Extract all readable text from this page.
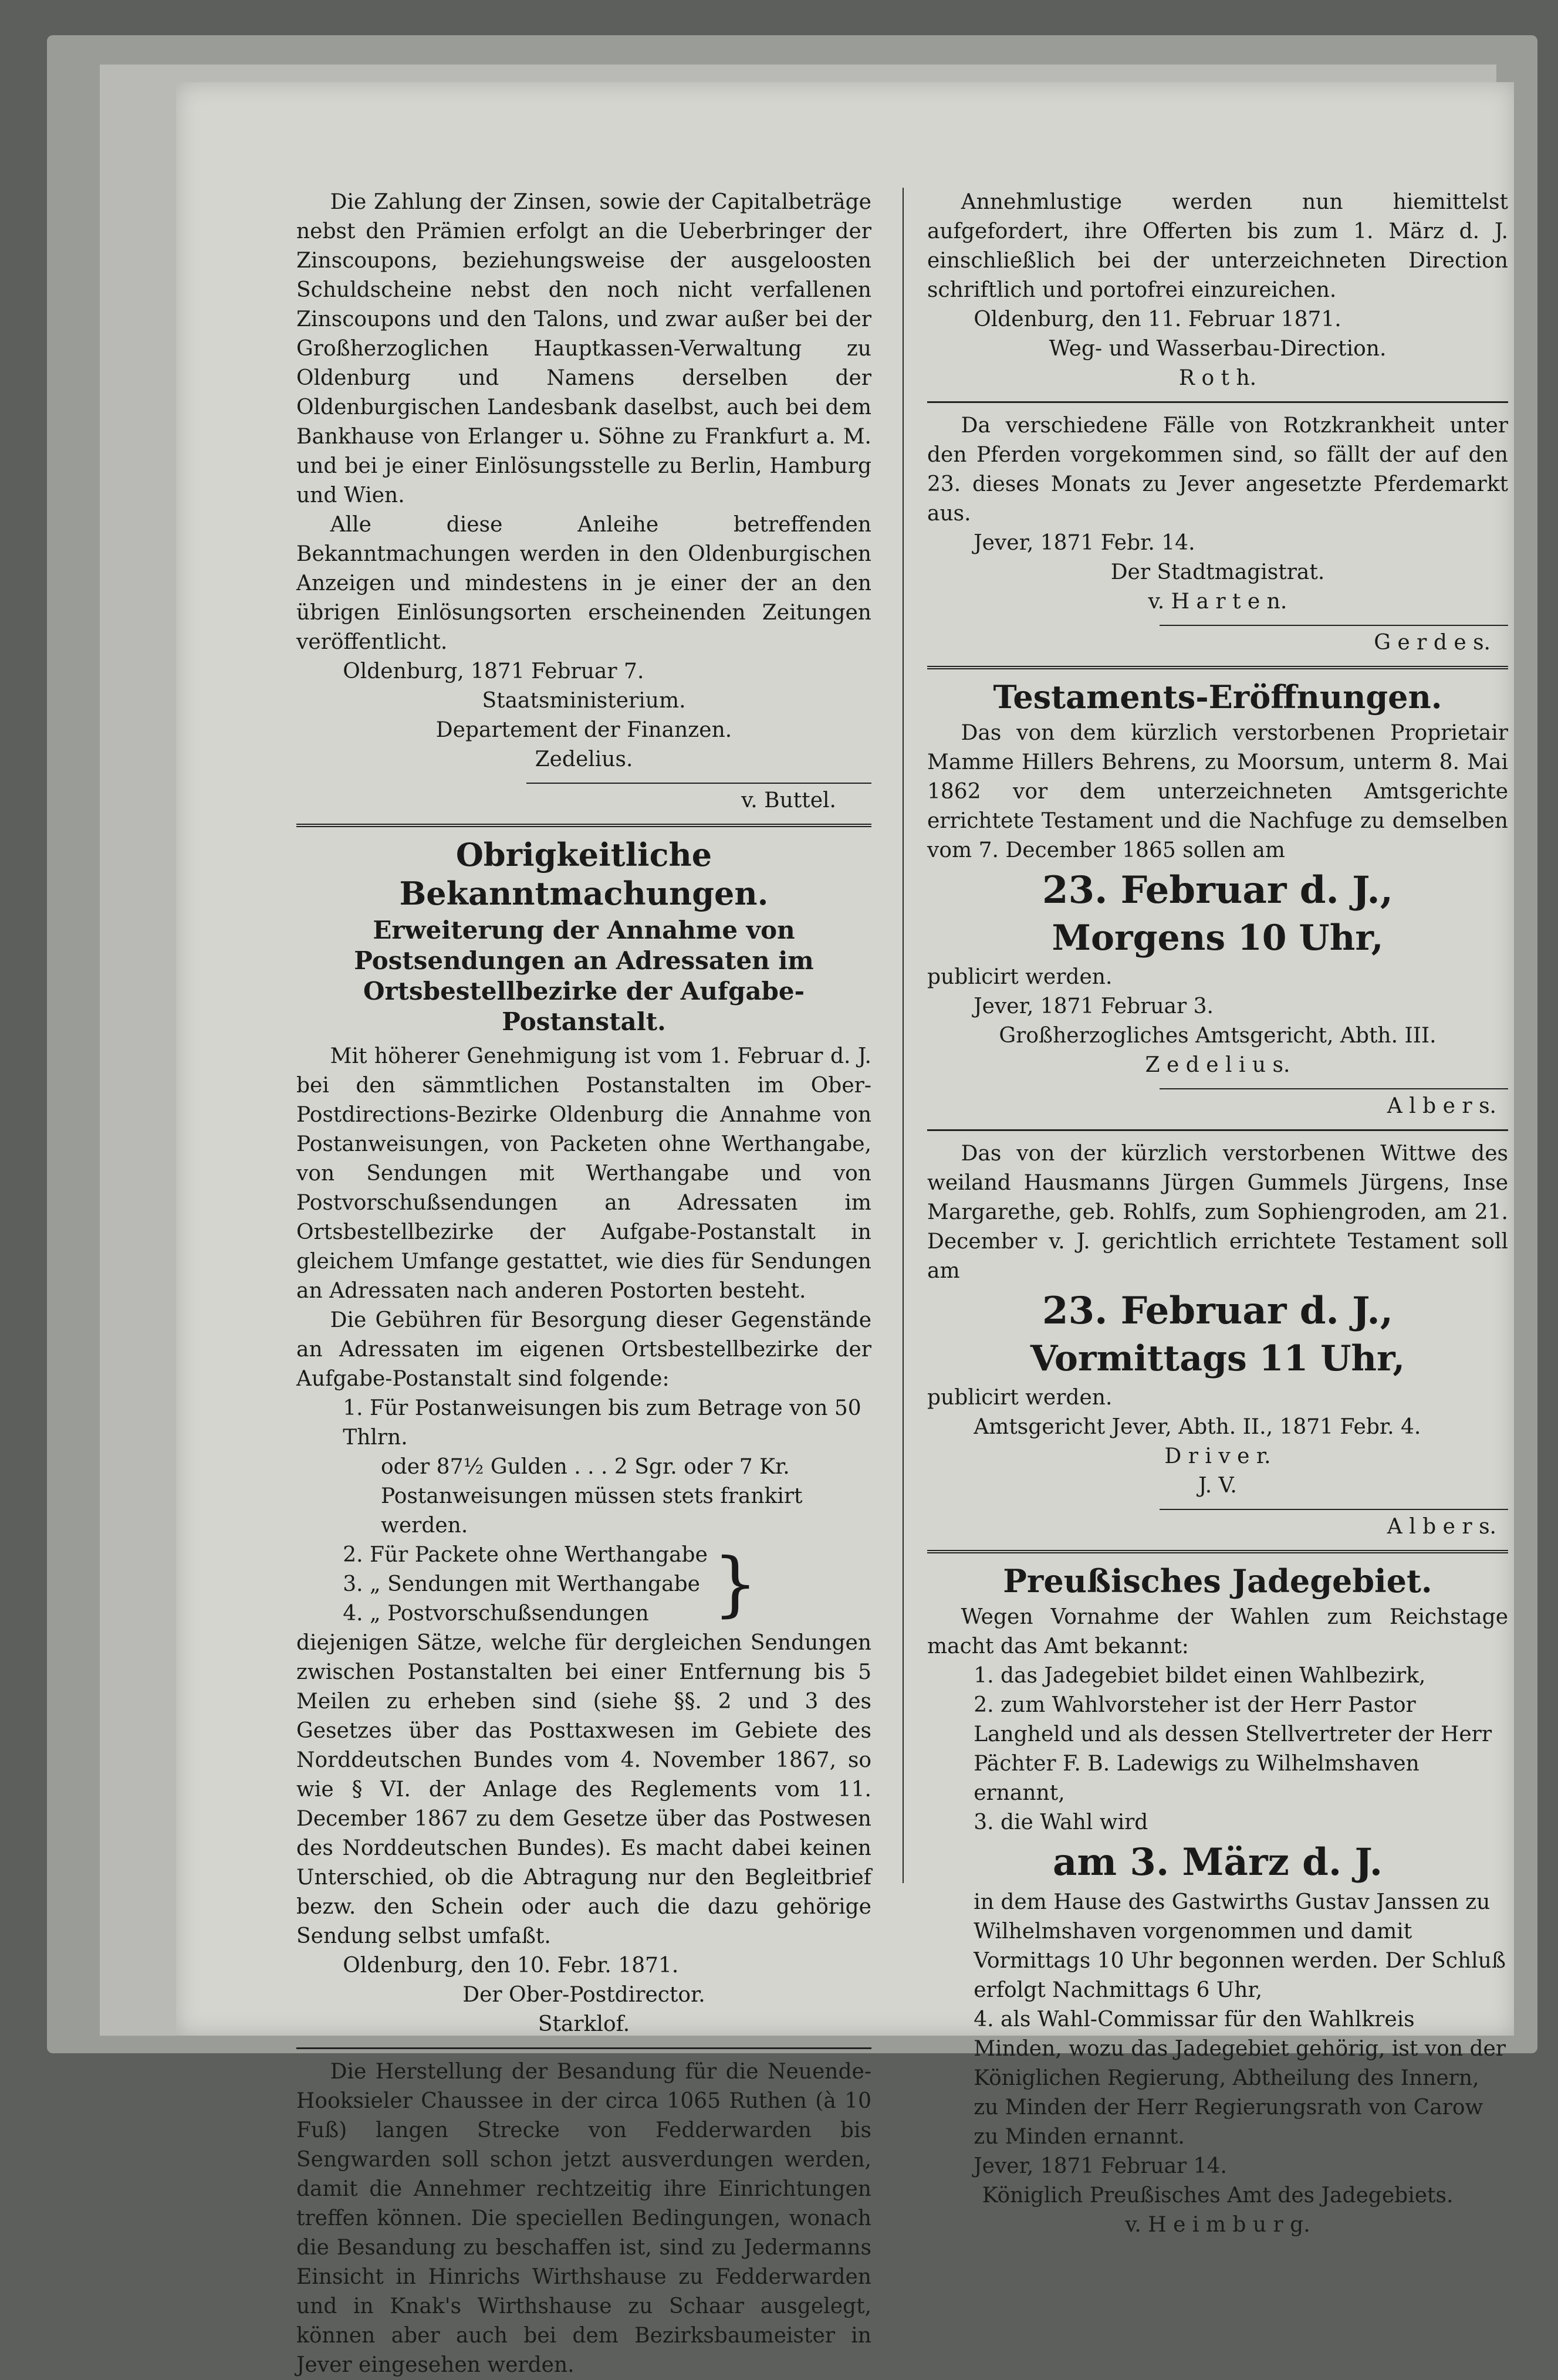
Die Zahlung der Zinsen, sowie der Capitalbeträge nebst den Prämien erfolgt an die Ueberbringer der Zinscoupons, beziehungsweise der ausgeloosten Schuldscheine nebst den noch nicht verfallenen Zinscoupons und den Talons, und zwar außer bei der Großherzoglichen Hauptkassen-Verwaltung zu Oldenburg und Namens derselben der Oldenburgischen Landesbank daselbst, auch bei dem Bankhause von Erlanger u. Söhne zu Frankfurt a. M. und bei je einer Einlösungsstelle zu Berlin, Hamburg und Wien.

Alle diese Anleihe betreffenden Bekanntmachungen werden in den Oldenburgischen Anzeigen und mindestens in je einer der an den übrigen Einlösungsorten erscheinenden Zeitungen veröffentlicht.

Oldenburg, 1871 Februar 7.

Staatsministerium.

Departement der Finanzen.

Zedelius.

v. Buttel.

Obrigkeitliche Bekanntmachungen.
Erweiterung der Annahme von Postsendungen an Adressaten im Ortsbestellbezirke der Aufgabe-Postanstalt.

Mit höherer Genehmigung ist vom 1. Februar d. J. bei den sämmtlichen Postanstalten im Ober-Postdirections-Bezirke Oldenburg die Annahme von Postanweisungen, von Packeten ohne Werthangabe, von Sendungen mit Werthangabe und von Postvorschußsendungen an Adressaten im Ortsbestellbezirke der Aufgabe-Postanstalt in gleichem Umfange gestattet, wie dies für Sendungen an Adressaten nach anderen Postorten besteht.

Die Gebühren für Besorgung dieser Gegenstände an Adressaten im eigenen Ortsbestellbezirke der Aufgabe-Postanstalt sind folgende:

1. Für Postanweisungen bis zum Betrage von 50 Thlrn.

oder 87½ Gulden . . . 2 Sgr. oder 7 Kr.

Postanweisungen müssen stets frankirt werden.

2. Für Packete ohne Werthangabe

3. „ Sendungen mit Werthangabe

4. „ Postvorschußsendungen }

diejenigen Sätze, welche für dergleichen Sendungen zwischen Postanstalten bei einer Entfernung bis 5 Meilen zu erheben sind (siehe §§. 2 und 3 des Gesetzes über das Posttaxwesen im Gebiete des Norddeutschen Bundes vom 4. November 1867, so wie § VI. der Anlage des Reglements vom 11. December 1867 zu dem Gesetze über das Postwesen des Norddeutschen Bundes). Es macht dabei keinen Unterschied, ob die Abtragung nur den Begleitbrief bezw. den Schein oder auch die dazu gehörige Sendung selbst umfaßt.

Oldenburg, den 10. Febr. 1871.

Der Ober-Postdirector.

Starklof.

Die Herstellung der Besandung für die Neuende-Hooksieler Chaussee in der circa 1065 Ruthen (à 10 Fuß) langen Strecke von Fedderwarden bis Sengwarden soll schon jetzt ausverdungen werden, damit die Annehmer rechtzeitig ihre Einrichtungen treffen können. Die speciellen Bedingungen, wonach die Besandung zu beschaffen ist, sind zu Jedermanns Einsicht in Hinrichs Wirthshause zu Fedderwarden und in Knak's Wirthshause zu Schaar ausgelegt, können aber auch bei dem Bezirksbaumeister in Jever eingesehen werden.

Annehmlustige werden nun hiemittelst aufgefordert, ihre Offerten bis zum 1. März d. J. einschließlich bei der unterzeichneten Direction schriftlich und portofrei einzureichen.

Oldenburg, den 11. Februar 1871.

Weg- und Wasserbau-Direction.

R o t h.

Da verschiedene Fälle von Rotzkrankheit unter den Pferden vorgekommen sind, so fällt der auf den 23. dieses Monats zu Jever angesetzte Pferdemarkt aus.

Jever, 1871 Febr. 14.

Der Stadtmagistrat.

v. H a r t e n.

G e r d e s.

Testaments-Eröffnungen.

Das von dem kürzlich verstorbenen Proprietair Mamme Hillers Behrens, zu Moorsum, unterm 8. Mai 1862 vor dem unterzeichneten Amtsgerichte errichtete Testament und die Nachfuge zu demselben vom 7. December 1865 sollen am

23. Februar d. J.,
Morgens 10 Uhr,

publicirt werden.

Jever, 1871 Februar 3.

Großherzogliches Amtsgericht, Abth. III.

Z e d e l i u s.

A l b e r s.

Das von der kürzlich verstorbenen Wittwe des weiland Hausmanns Jürgen Gummels Jürgens, Insе Margarethe, geb. Rohlfs, zum Sophiengroden, am 21. December v. J. gerichtlich errichtete Testament soll am

23. Februar d. J.,
Vormittags 11 Uhr,

publicirt werden.

Amtsgericht Jever, Abth. II., 1871 Febr. 4.

D r i v e r.

J. V.

A l b e r s.

Preußisches Jadegebiet.

Wegen Vornahme der Wahlen zum Reichstage macht das Amt bekannt:

1. das Jadegebiet bildet einen Wahlbezirk,

2. zum Wahlvorsteher ist der Herr Pastor Langheld und als dessen Stellvertreter der Herr Pächter F. B. Ladewigs zu Wilhelmshaven ernannt,

3. die Wahl wird

am 3. März d. J.

in dem Hause des Gastwirths Gustav Janssen zu Wilhelmshaven vorgenommen und damit Vormittags 10 Uhr begonnen werden. Der Schluß erfolgt Nachmittags 6 Uhr,

4. als Wahl-Commissar für den Wahlkreis Minden, wozu das Jadegebiet gehörig, ist von der Königlichen Regierung, Abtheilung des Innern, zu Minden der Herr Regierungsrath von Carow zu Minden ernannt.

Jever, 1871 Februar 14.

Königlich Preußisches Amt des Jadegebiets.

v. H e i m b u r g.
